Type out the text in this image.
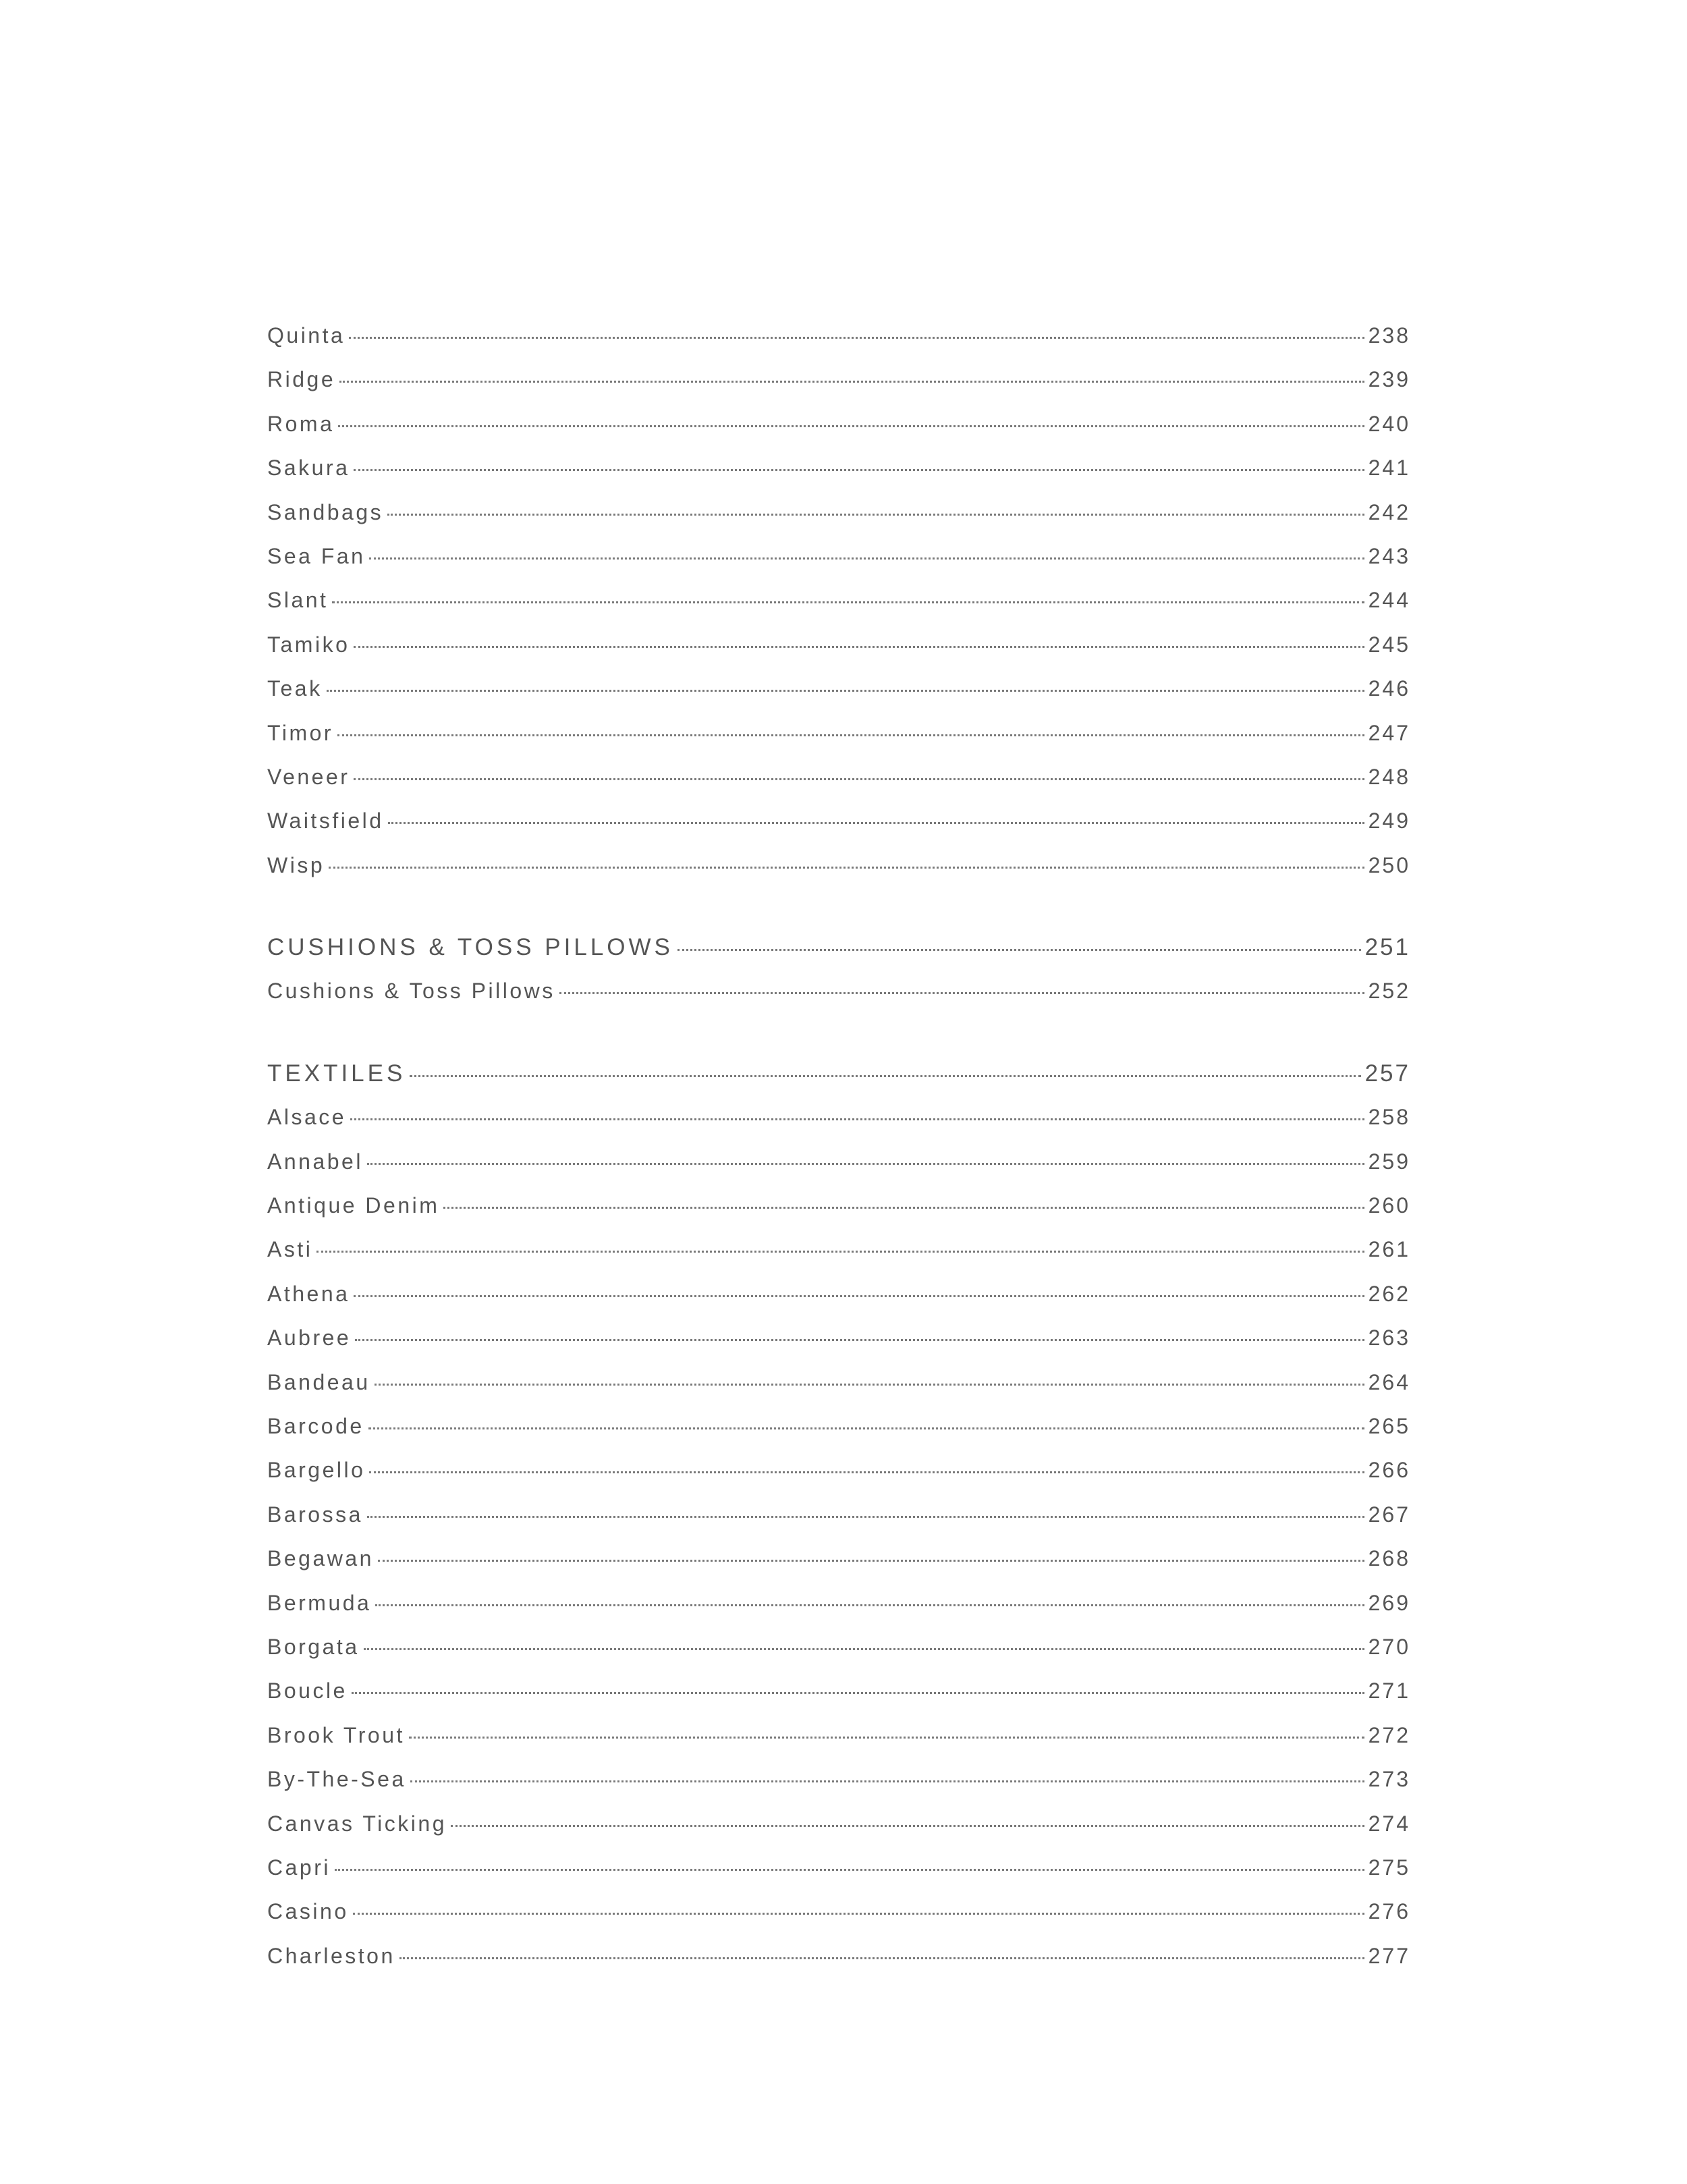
Quinta	238
Ridge	239
Roma	240
Sakura	241
Sandbags	242
Sea Fan	243
Slant	244
Tamiko	245
Teak	246
Timor	247
Veneer	248
Waitsfield	249
Wisp	250
CUSHIONS & TOSS PILLOWS	251
Cushions & Toss Pillows	252
TEXTILES	257
Alsace	258
Annabel	259
Antique Denim	260
Asti	261
Athena	262
Aubree	263
Bandeau	264
Barcode	265
Bargello	266
Barossa	267
Begawan	268
Bermuda	269
Borgata	270
Boucle	271
Brook Trout	272
By-The-Sea	273
Canvas Ticking	274
Capri	275
Casino	276
Charleston	277
